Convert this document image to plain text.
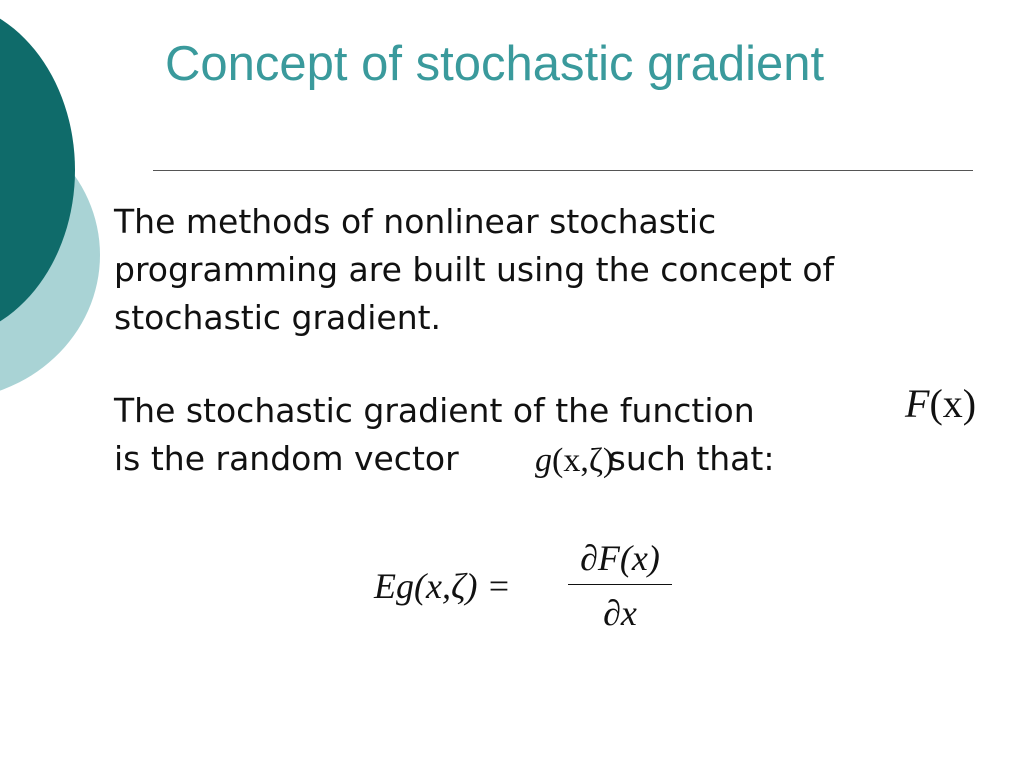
Concept of stochastic gradient
The methods of nonlinear stochastic
programming are built using the concept of
stochastic gradient.
The stochastic gradient of the function
is the random vector	such that:
F(x)
g(x,ζ)
Eg(x,ζ) =
∂F(x)
∂x
